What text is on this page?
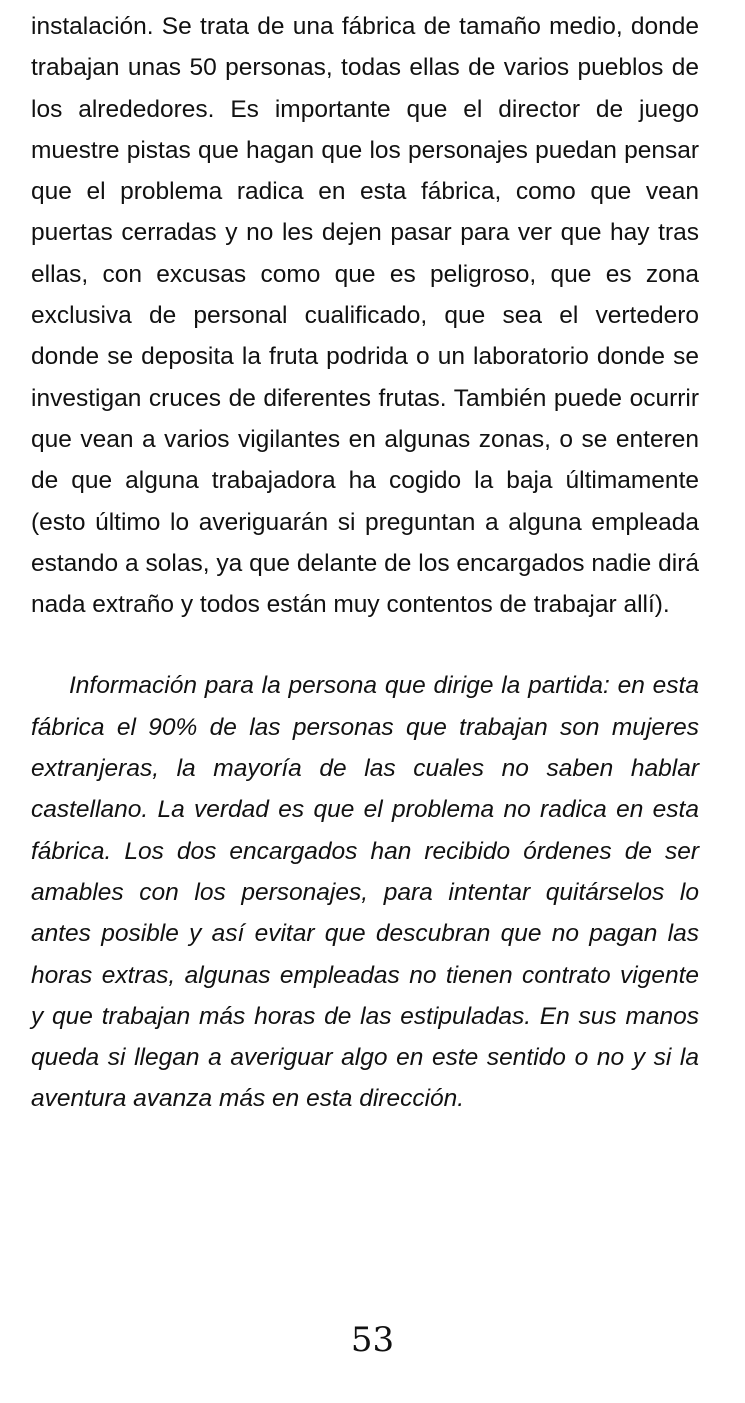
instalación. Se trata de una fábrica de tamaño medio, donde trabajan unas 50 personas, todas ellas de varios pueblos de los alrededores. Es importante que el director de juego muestre pistas que hagan que los personajes puedan pensar que el problema radica en esta fábrica, como que vean puertas cerradas y no les dejen pasar para ver que hay tras ellas, con excusas como que es peligroso, que es zona exclusiva de personal cualificado, que sea el vertedero donde se deposita la fruta podrida o un laboratorio donde se investigan cruces de diferentes frutas. También puede ocurrir que vean a varios vigilantes en algunas zonas, o se enteren de que alguna trabajadora ha cogido la baja últimamente (esto último lo averiguarán si preguntan a alguna empleada estando a solas, ya que delante de los encargados nadie dirá nada extraño y todos están muy contentos de trabajar allí).

Información para la persona que dirige la partida: en esta fábrica el 90% de las personas que trabajan son mujeres extranjeras, la mayoría de las cuales no saben hablar castellano. La verdad es que el problema no radica en esta fábrica. Los dos encargados han recibido órdenes de ser amables con los personajes, para intentar quitárselos lo antes posible y así evitar que descubran que no pagan las horas extras, algunas empleadas no tienen contrato vigente y que trabajan más horas de las estipuladas. En sus manos queda si llegan a averiguar algo en este sentido o no y si la aventura avanza más en esta dirección.

53
